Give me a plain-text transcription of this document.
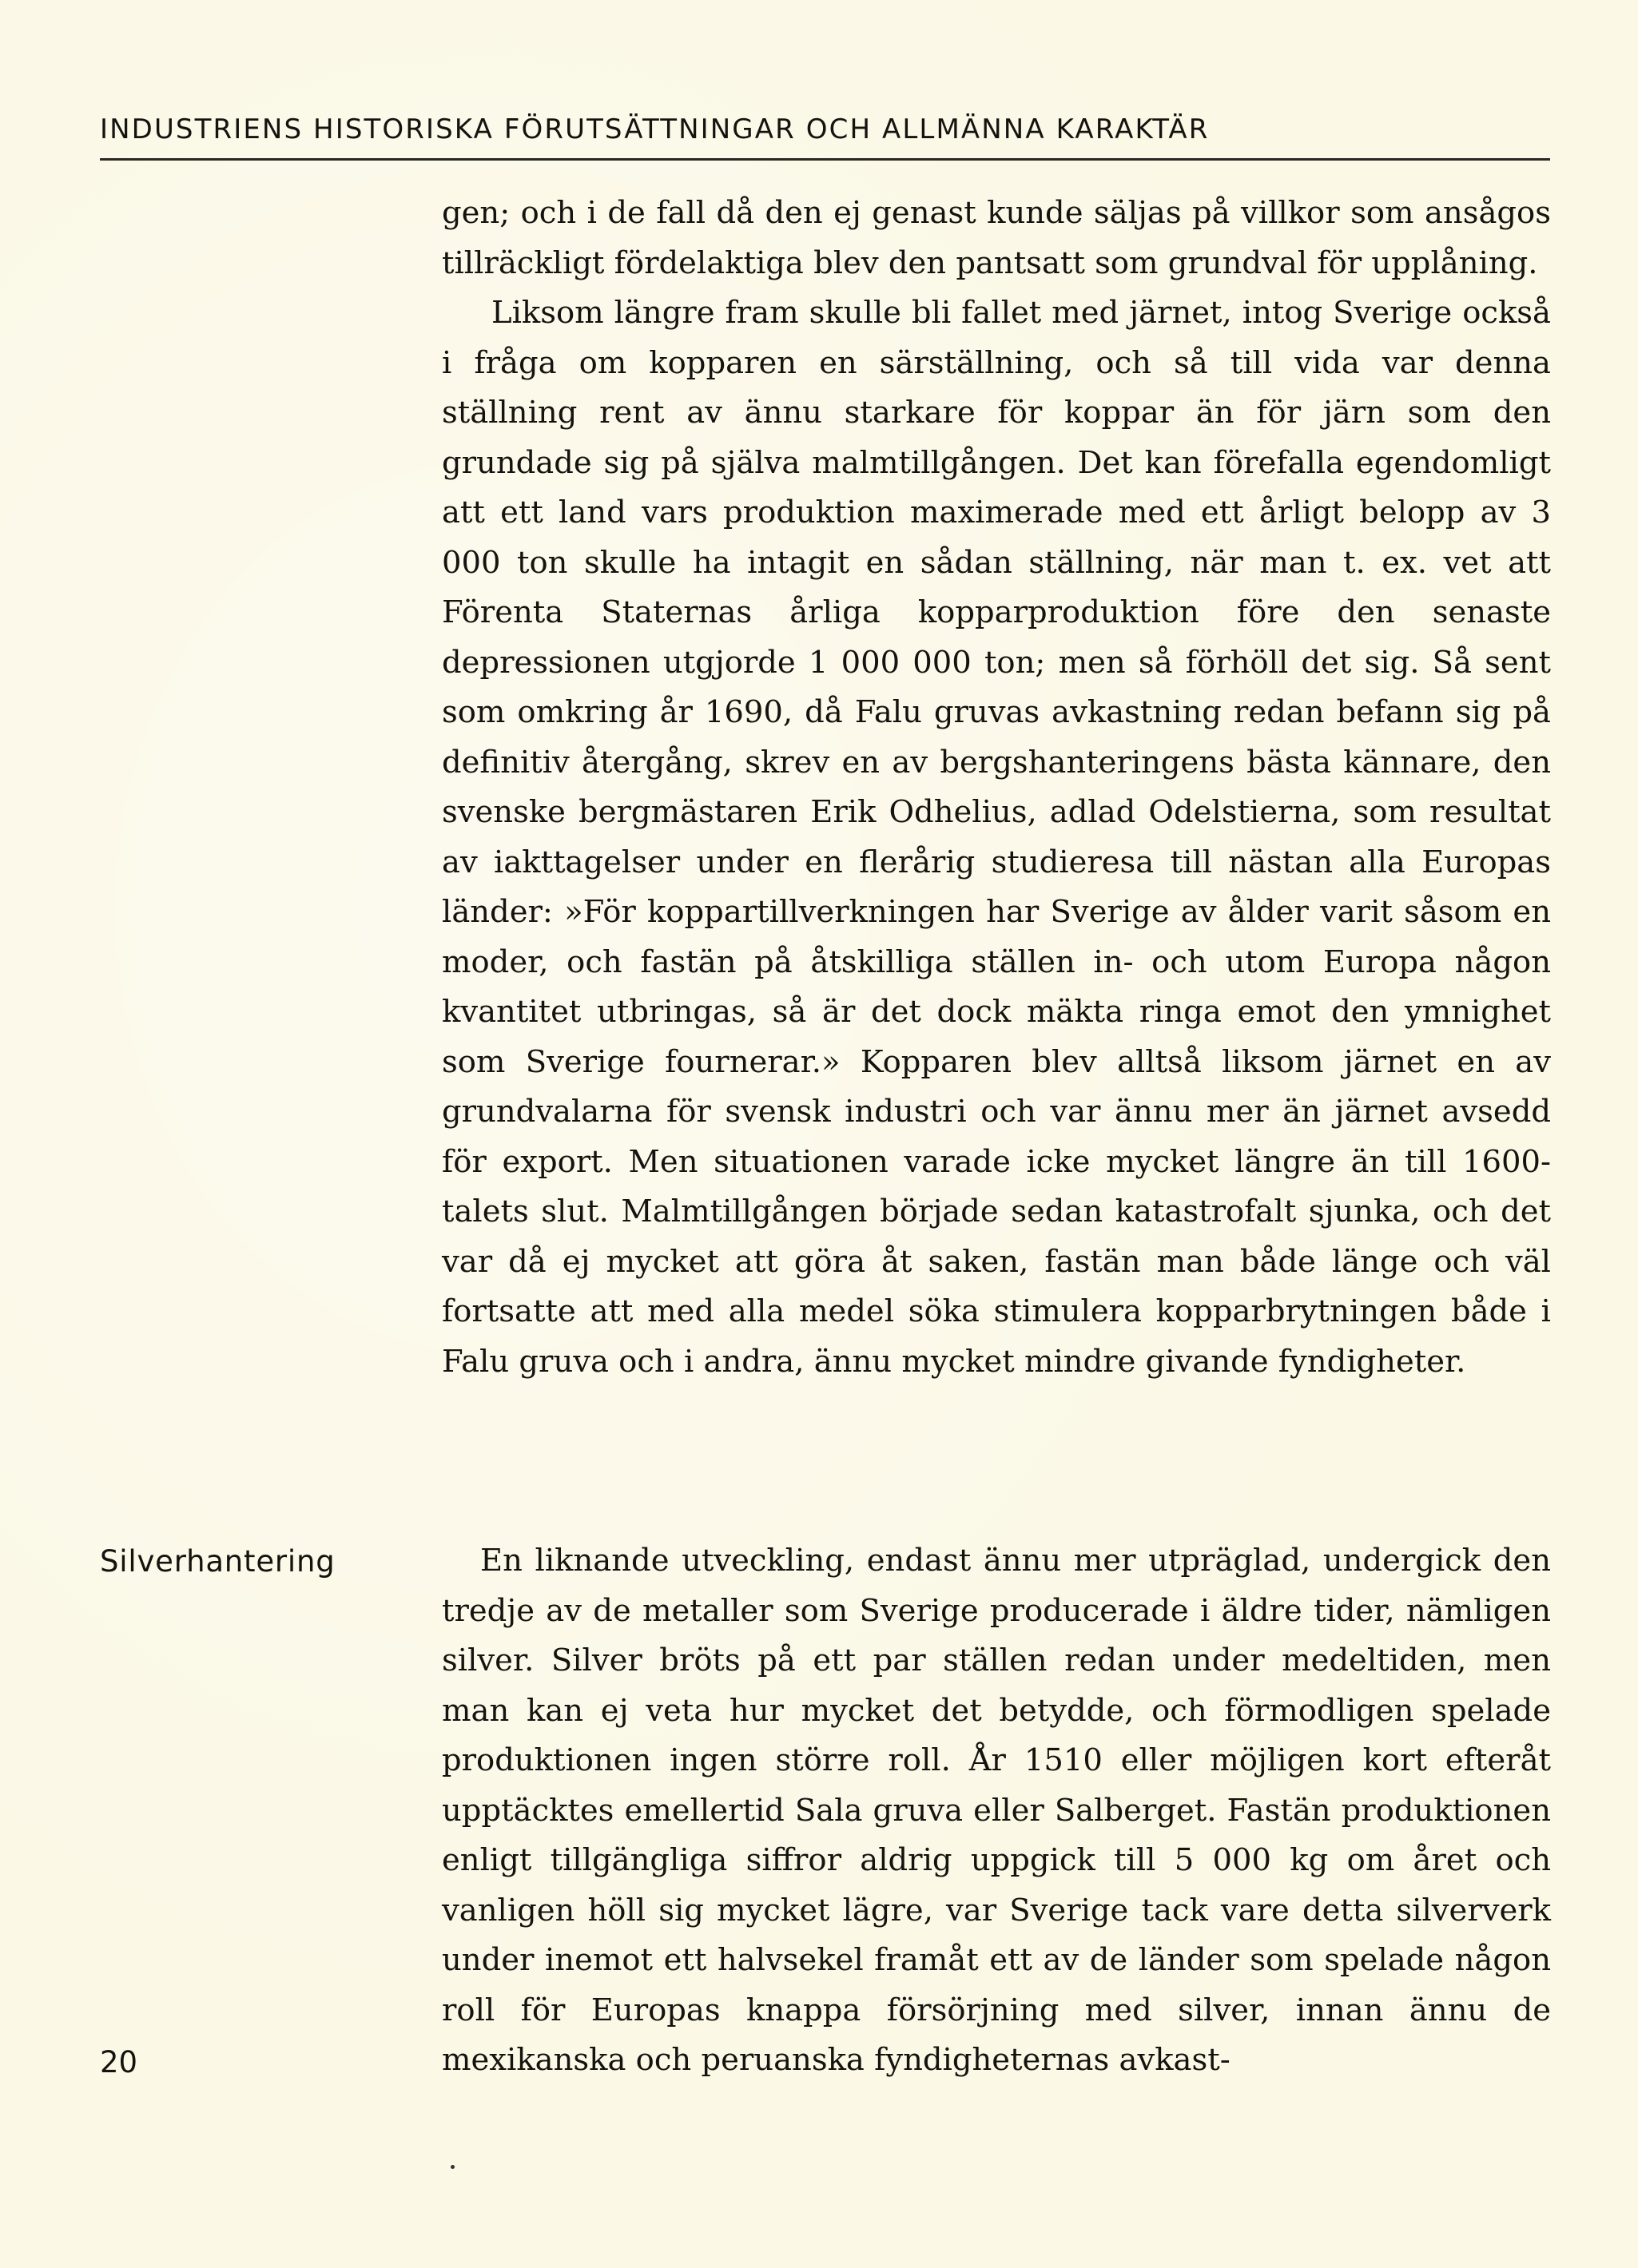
INDUSTRIENS HISTORISKA FÖRUTSÄTTNINGAR OCH ALLMÄNNA KARAKTÄR

gen; och i de fall då den ej genast kunde säljas på villkor som ansågos tillräckligt fördelaktiga blev den pantsatt som grundval för upplåning.

Liksom längre fram skulle bli fallet med järnet, intog Sverige också i fråga om kopparen en särställning, och så till vida var denna ställning rent av ännu starkare för koppar än för järn som den grundade sig på själva malmtillgången. Det kan förefalla egendomligt att ett land vars produktion maximerade med ett årligt belopp av 3 000 ton skulle ha intagit en sådan ställning, när man t. ex. vet att Förenta Staternas årliga kopparproduktion före den senaste depressionen utgjorde 1 000 000 ton; men så förhöll det sig. Så sent som omkring år 1690, då Falu gruvas avkastning redan befann sig på definitiv återgång, skrev en av bergshanteringens bästa kännare, den svenske bergmästaren Erik Odhelius, adlad Odelstierna, som resultat av iakttagelser under en flerårig studieresa till nästan alla Europas länder: »För koppartillverkningen har Sverige av ålder varit såsom en moder, och fastän på åtskilliga ställen in- och utom Europa någon kvantitet utbringas, så är det dock mäkta ringa emot den ymnighet som Sverige fournerar.» Kopparen blev alltså liksom järnet en av grundvalarna för svensk industri och var ännu mer än järnet avsedd för export. Men situationen varade icke mycket längre än till 1600-talets slut. Malmtillgången började sedan katastrofalt sjunka, och det var då ej mycket att göra åt saken, fastän man både länge och väl fortsatte att med alla medel söka stimulera kopparbrytningen både i Falu gruva och i andra, ännu mycket mindre givande fyndigheter.

Silverhantering	En liknande utveckling, endast ännu mer utpräglad, undergick den tredje av de metaller som Sverige producerade i äldre tider, nämligen silver. Silver bröts på ett par ställen redan under medeltiden, men man kan ej veta hur mycket det betydde, och förmodligen spelade produktionen ingen större roll. År 1510 eller möjligen kort efteråt upptäcktes emellertid Sala gruva eller Salberget. Fastän produktionen enligt tillgängliga siffror aldrig uppgick till 5 000 kg om året och vanligen höll sig mycket lägre, var Sverige tack vare detta silververk under inemot ett halvsekel framåt ett av de länder som spelade någon roll för Europas knappa försörjning med silver, innan ännu de mexikanska och peruanska fyndigheternas avkast-

20
